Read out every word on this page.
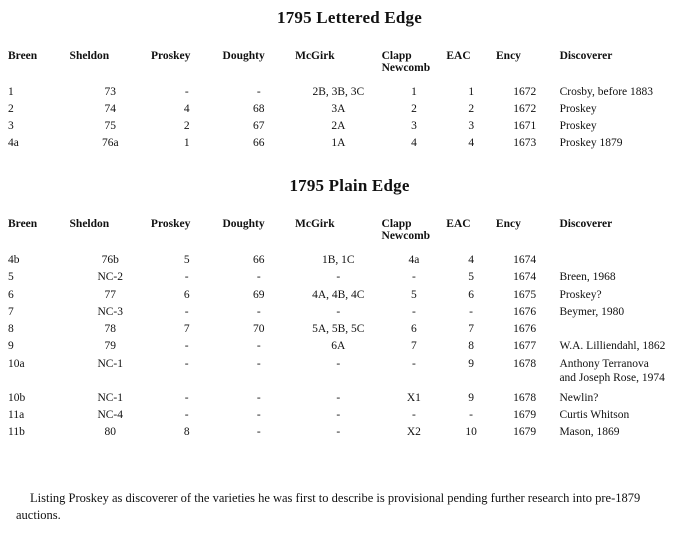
1795 Lettered Edge
Breen	Sheldon	Proskey	Doughty	McGirk	Clapp
Newcomb	EAC	Ency	Discoverer
1	73	-	-	2B, 3B, 3C	1	1	1672	Crosby, before 1883
2	74	4	68	3A	2	2	1672	Proskey
3	75	2	67	2A	3	3	1671	Proskey
4a	76a	1	66	1A	4	4	1673	Proskey 1879
1795 Plain Edge
Breen	Sheldon	Proskey	Doughty	McGirk	Clapp
Newcomb	EAC	Ency	Discoverer
4b	76b	5	66	1B, 1C	4a	4	1674	
5	NC-2	-	-	-	-	5	1674	Breen, 1968
6	77	6	69	4A, 4B, 4C	5	6	1675	Proskey?
7	NC-3	-	-	-	-	-	1676	Beymer, 1980
8	78	7	70	5A, 5B, 5C	6	7	1676	
9	79	-	-	6A	7	8	1677	W.A. Lilliendahl, 1862
10a	NC-1	-	-	-	-	9	1678	Anthony Terranova
and Joseph Rose, 1974

10b	NC-1	-	-	-	X1	9	1678	Newlin?
11a	NC-4	-	-	-	-	-	1679	Curtis Whitson
11b	80	8	-	-	X2	10	1679	Mason, 1869
Listing Proskey as discoverer of the varieties he was first to describe is provisional pending further research into pre-1879 auctions.
